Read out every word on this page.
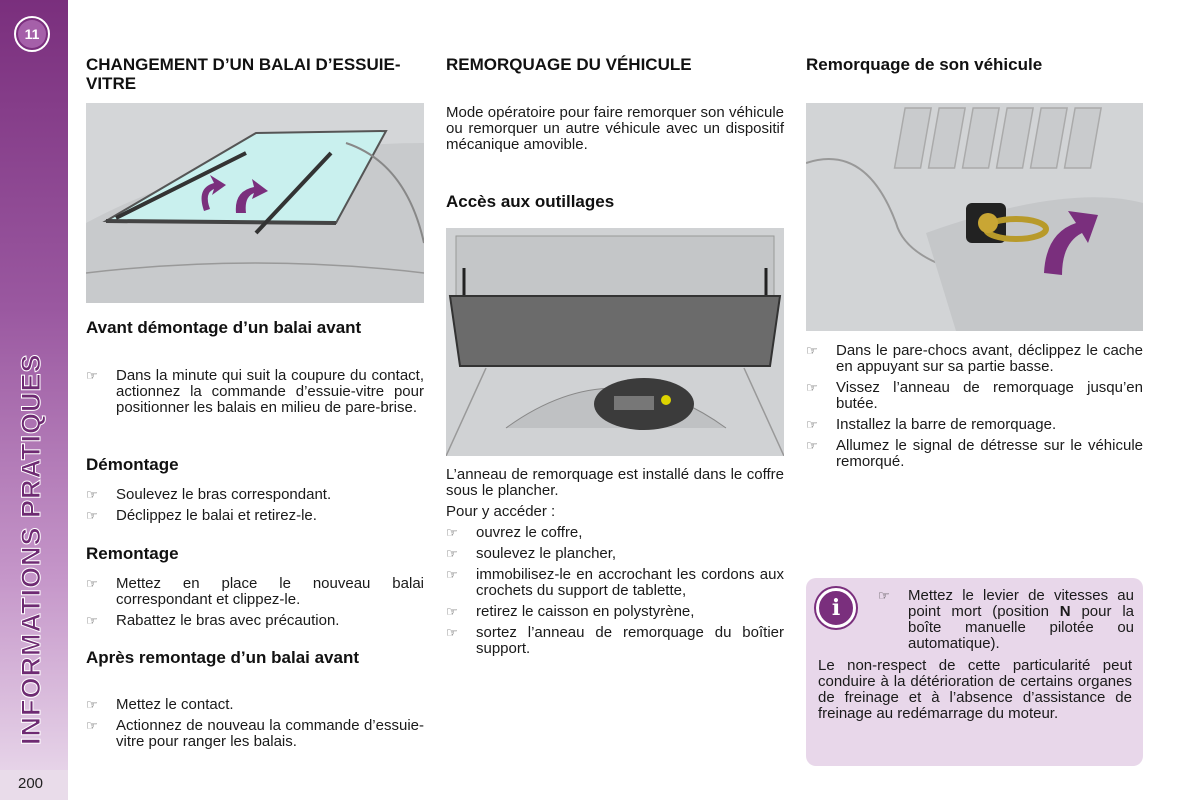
11
INFORMATIONS PRATIQUES
200
CHANGEMENT D’UN BALAI D’ESSUIE-VITRE
Avant démontage d’un balai avant
☞ Dans la minute qui suit la coupure du contact, actionnez la commande d’essuie-vitre pour positionner les balais en milieu de pare-brise.
Démontage
☞ Soulevez le bras correspondant.
☞ Déclippez le balai et retirez-le.
Remontage
☞ Mettez en place le nouveau balai correspondant et clippez-le.
☞ Rabattez le bras avec précaution.
Après remontage d’un balai avant
☞ Mettez le contact.
☞ Actionnez de nouveau la commande d’essuie-vitre pour ranger les balais.
REMORQUAGE DU VÉHICULE

Mode opératoire pour faire remorquer son véhicule ou remorquer un autre véhicule avec un dispositif mécanique amovible.

Accès aux outillages

L’anneau de remorquage est installé dans le coffre sous le plancher.

Pour y accéder :

☞ ouvrez le coffre,
☞ soulevez le plancher,
☞ immobilisez-le en accrochant les cordons aux crochets du support de tablette,
☞ retirez le caisson en polystyrène,
☞ sortez l’anneau de remorquage du boîtier support.
Remorquage de son véhicule
☞ Dans le pare-chocs avant, déclippez le cache en appuyant sur sa partie basse.
☞ Vissez l’anneau de remorquage jusqu’en butée.
☞ Installez la barre de remorquage.
☞ Allumez le signal de détresse sur le véhicule remorqué.
i	☞ Mettez le levier de vitesses au point mort (position N pour la boîte manuelle pilotée ou automatique).
Le non-respect de cette particularité peut conduire à la détérioration de certains organes de freinage et à l’absence d’assistance de freinage au redémarrage du moteur.
